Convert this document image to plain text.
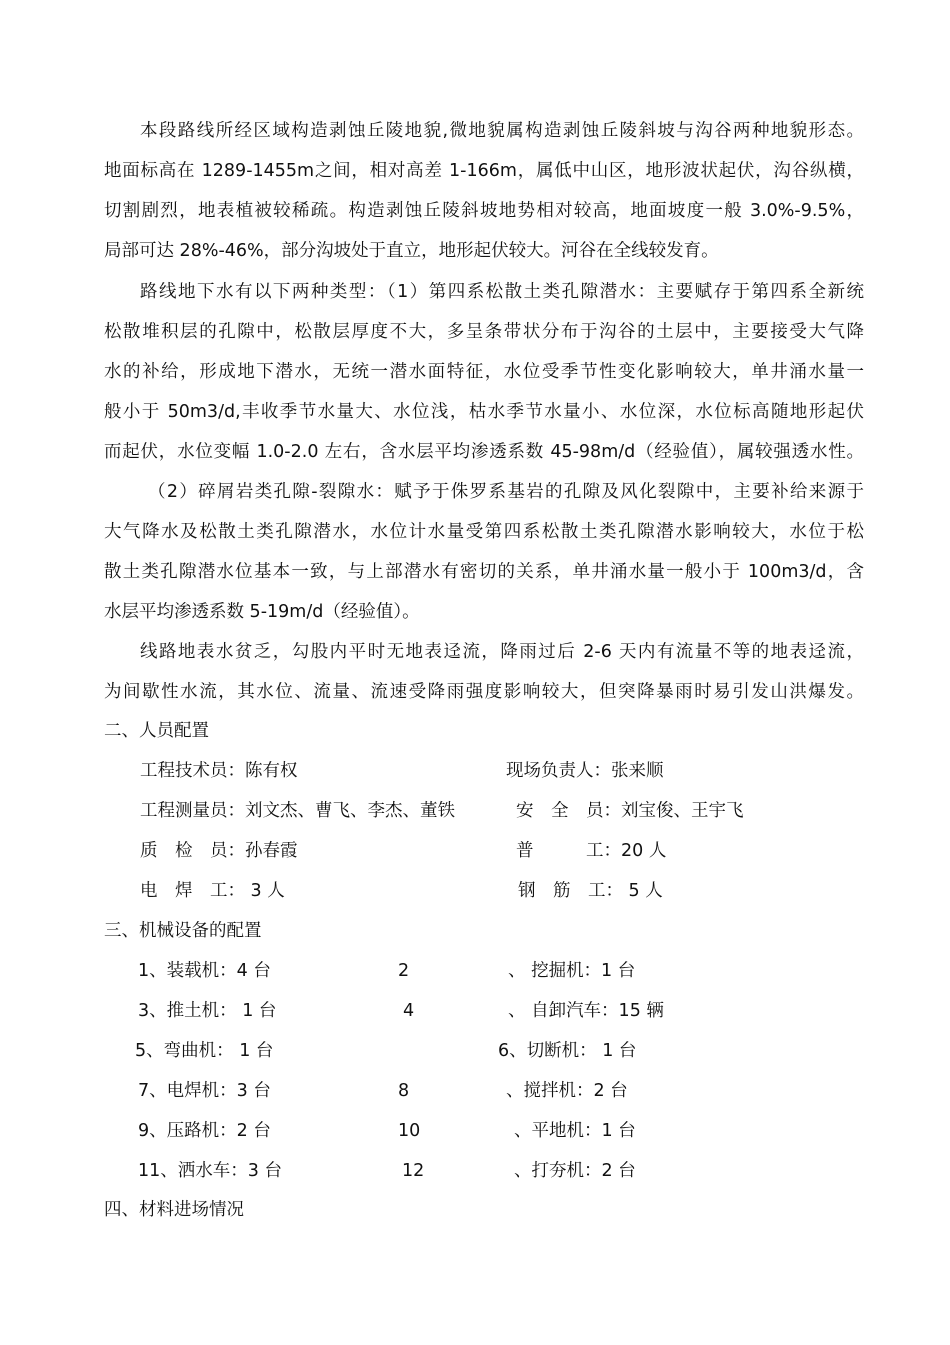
本段路线所经区域构造剥蚀丘陵地貌,微地貌属构造剥蚀丘陵斜坡与沟谷两种地貌形态。
地面标高在 1289-1455m之间，相对高差 1-166m，属低中山区，地形波状起伏，沟谷纵横，
切割剧烈，地表植被较稀疏。构造剥蚀丘陵斜坡地势相对较高，地面坡度一般 3.0%-9.5%，
局部可达 28%-46%，部分沟坡处于直立，地形起伏较大。河谷在全线较发育。
路线地下水有以下两种类型：（1）第四系松散土类孔隙潜水：主要赋存于第四系全新统
松散堆积层的孔隙中，松散层厚度不大，多呈条带状分布于沟谷的土层中，主要接受大气降
水的补给，形成地下潜水，无统一潜水面特征，水位受季节性变化影响较大，单井涌水量一
般小于 50m3/d,丰收季节水量大、水位浅，枯水季节水量小、水位深，水位标高随地形起伏
而起伏，水位变幅 1.0-2.0 左右，含水层平均渗透系数 45-98m/d（经验值），属较强透水性。
（2）碎屑岩类孔隙-裂隙水：赋予于侏罗系基岩的孔隙及风化裂隙中，主要补给来源于
大气降水及松散土类孔隙潜水，水位计水量受第四系松散土类孔隙潜水影响较大，水位于松
散土类孔隙潜水位基本一致，与上部潜水有密切的关系，单井涌水量一般小于 100m3/d，含
水层平均渗透系数 5-19m/d（经验值）。
线路地表水贫乏，勾股内平时无地表迳流，降雨过后 2-6 天内有流量不等的地表迳流，
为间歇性水流，其水位、流量、流速受降雨强度影响较大，但突降暴雨时易引发山洪爆发。
二、人员配置
工程技术员：陈有权	现场负责人：张来顺
工程测量员：刘文杰、曹飞、李杰、董铁	安　全　员：刘宝俊、王宇飞
质　检　员：孙春霞	普　　　工：20 人
电　焊　工： 3 人	钢　筋　工： 5 人
三、机械设备的配置
1、装载机：4 台	2	、 挖掘机：1 台
3、推土机： 1 台	4	、 自卸汽车：15 辆
5、弯曲机： 1 台	6、切断机： 1 台
7、电焊机：3 台	8	、搅拌机：2 台
9、压路机：2 台	10	、平地机：1 台
11、洒水车：3 台	12	、打夯机：2 台
四、材料进场情况
